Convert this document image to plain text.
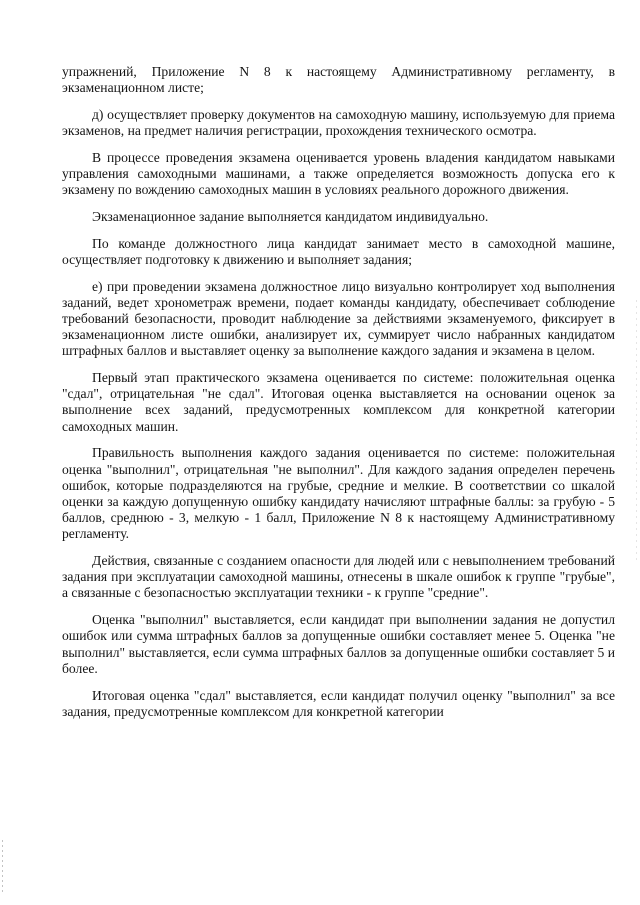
упражнений, Приложение N 8 к настоящему Административному регламенту, в экзаменационном листе;

д) осуществляет проверку документов на самоходную машину, используемую для приема экзаменов, на предмет наличия регистрации, прохождения технического осмотра.

В процессе проведения экзамена оценивается уровень владения кандидатом навыками управления самоходными машинами, а также определяется возможность допуска его к экзамену по вождению самоходных машин в условиях реального дорожного движения.

Экзаменационное задание выполняется кандидатом индивидуально.

По команде должностного лица кандидат занимает место в самоходной машине, осуществляет подготовку к движению и выполняет задания;

е) при проведении экзамена должностное лицо визуально контролирует ход выполнения заданий, ведет хронометраж времени, подает команды кандидату, обеспечивает соблюдение требований безопасности, проводит наблюдение за действиями экзаменуемого, фиксирует в экзаменационном листе ошибки, анализирует их, суммирует число набранных кандидатом штрафных баллов и выставляет оценку за выполнение каждого задания и экзамена в целом.

Первый этап практического экзамена оценивается по системе: положительная оценка "сдал", отрицательная "не сдал". Итоговая оценка выставляется на основании оценок за выполнение всех заданий, предусмотренных комплексом для конкретной категории самоходных машин.

Правильность выполнения каждого задания оценивается по системе: положительная оценка "выполнил", отрицательная "не выполнил". Для каждого задания определен перечень ошибок, которые подразделяются на грубые, средние и мелкие. В соответствии со шкалой оценки за каждую допущенную ошибку кандидату начисляют штрафные баллы: за грубую - 5 баллов, среднюю - 3, мелкую - 1 балл, Приложение N 8 к настоящему Административному регламенту.

Действия, связанные с созданием опасности для людей или с невыполнением требований задания при эксплуатации самоходной машины, отнесены в шкале ошибок к группе "грубые", а связанные с безопасностью эксплуатации техники - к группе "средние".

Оценка "выполнил" выставляется, если кандидат при выполнении задания не допустил ошибок или сумма штрафных баллов за допущенные ошибки составляет менее 5. Оценка "не выполнил" выставляется, если сумма штрафных баллов за допущенные ошибки составляет 5 и более.

Итоговая оценка "сдал" выставляется, если кандидат получил оценку "выполнил" за все задания, предусмотренные комплексом для конкретной категории
